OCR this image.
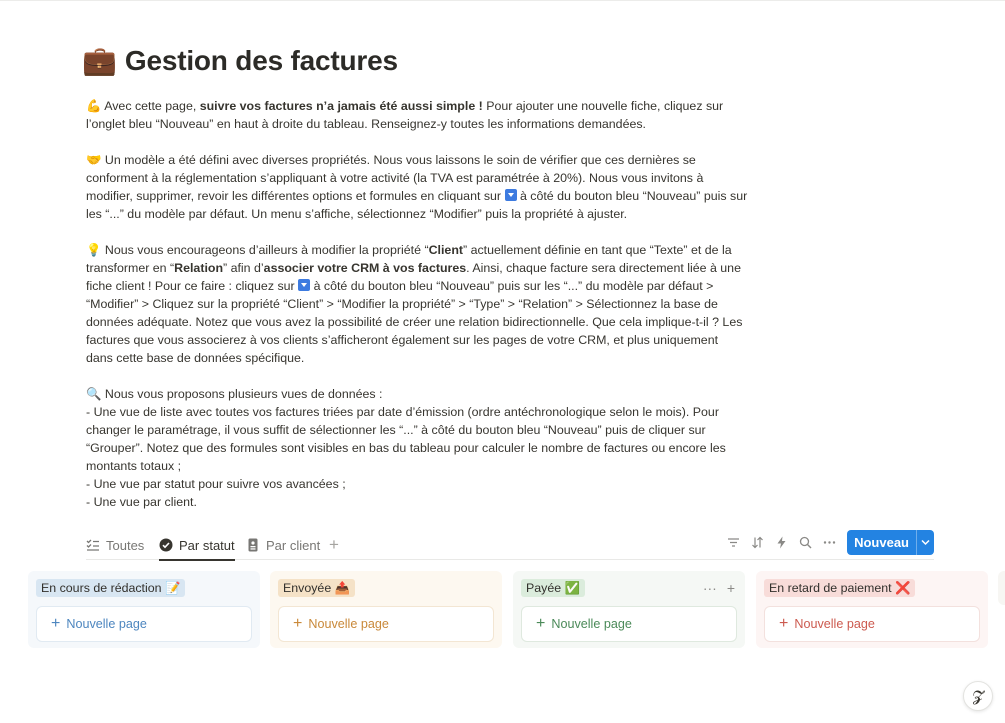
💼 Gestion des factures

💪 Avec cette page, suivre vos factures n’a jamais été aussi simple ! Pour ajouter une nouvelle fiche, cliquez sur l’onglet bleu “Nouveau” en haut à droite du tableau. Renseignez-y toutes les informations demandées.

🤝 Un modèle a été défini avec diverses propriétés. Nous vous laissons le soin de vérifier que ces dernières se conforment à la réglementation s’appliquant à votre activité (la TVA est paramétrée à 20%). Nous vous invitons à modifier, supprimer, revoir les différentes options et formules en cliquant sur  à côté du bouton bleu “Nouveau” puis sur les “...” du modèle par défaut. Un menu s’affiche, sélectionnez “Modifier” puis la propriété à ajuster.

💡 Nous vous encourageons d’ailleurs à modifier la propriété “Client” actuellement définie en tant que “Texte” et de la transformer en “Relation” afin d’associer votre CRM à vos factures. Ainsi, chaque facture sera directement liée à une fiche client ! Pour ce faire : cliquez sur  à côté du bouton bleu “Nouveau” puis sur les “...” du modèle par défaut > “Modifier” > Cliquez sur la propriété “Client” > “Modifier la propriété” > “Type” > “Relation” > Sélectionnez la base de données adéquate. Notez que vous avez la possibilité de créer une relation bidirectionnelle. Que cela implique-t-il ? Les factures que vous associerez à vos clients s’afficheront également sur les pages de votre CRM, et plus uniquement dans cette base de données spécifique.

🔍 Nous vous proposons plusieurs vues de données :

- Une vue de liste avec toutes vos factures triées par date d’émission (ordre antéchronologique selon le mois). Pour changer le paramétrage, il vous suffit de sélectionner les “...” à côté du bouton bleu “Nouveau” puis de cliquer sur “Grouper”. Notez que des formules sont visibles en bas du tableau pour calculer le nombre de factures ou encore les montants totaux ;

- Une vue par statut pour suivre vos avancées ;

- Une vue par client.

Toutes	Par statut Par client +	Nouveau
En cours de rédaction 📝
+ Nouvelle page
Envoyée 📤
+ Nouvelle page
Payée ✅	··· +
+ Nouvelle page
En retard de paiement ❌
+ Nouvelle page
𝓩
